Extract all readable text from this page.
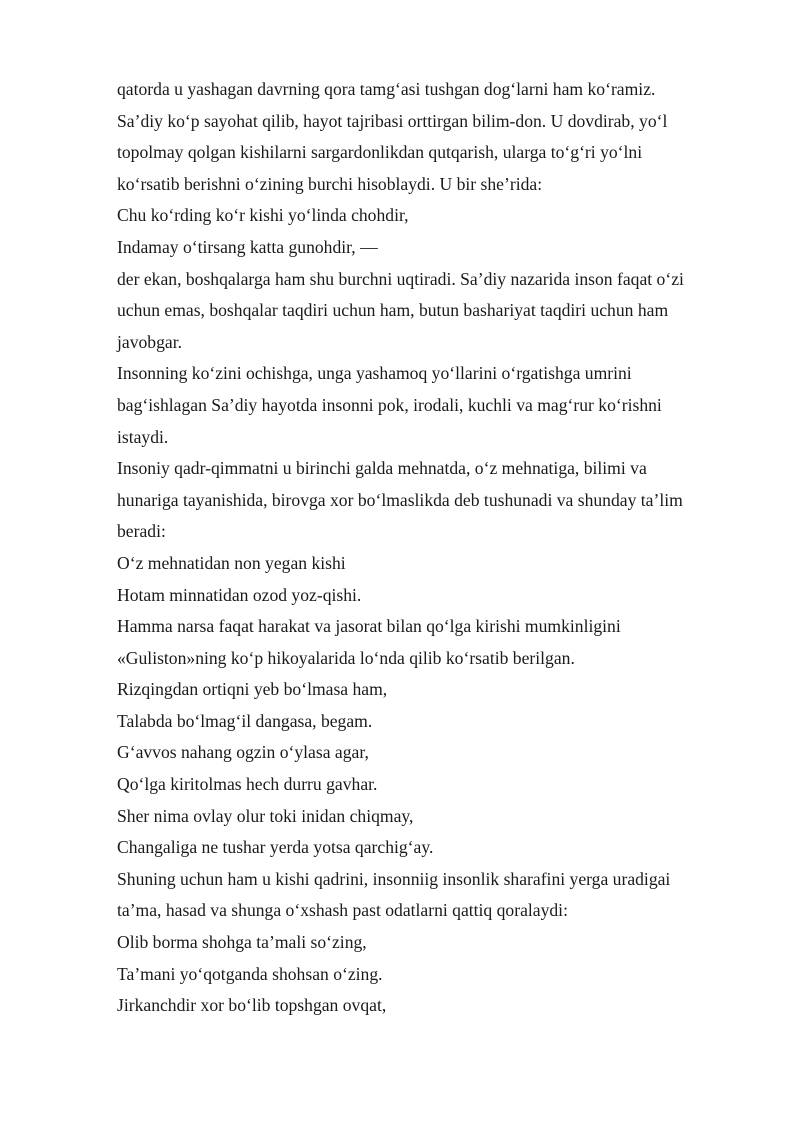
qatorda u yashagan davrning qora tamg‘asi tushgan dog‘larni ham ko‘ramiz.
Sa’diy ko‘p sayohat qilib, hayot tajribasi orttirgan bilim-don. U dovdirab, yo‘l
topolmay qolgan kishilarni sargardonlikdan qutqarish, ularga to‘g‘ri yo‘lni
ko‘rsatib berishni o‘zining burchi hisoblaydi. U bir she’rida:
Chu ko‘rding ko‘r kishi yo‘linda chohdir,
Indamay o‘tirsang katta gunohdir, —
der ekan, boshqalarga ham shu burchni uqtiradi. Sa’diy nazarida inson faqat o‘zi
uchun emas, boshqalar taqdiri uchun ham, butun bashariyat taqdiri uchun ham
javobgar.
Insonning ko‘zini ochishga, unga yashamoq yo‘llarini o‘rgatishga umrini
bag‘ishlagan Sa’diy hayotda insonni pok, irodali, kuchli va mag‘rur ko‘rishni
istaydi.
Insoniy qadr-qimmatni u birinchi galda mehnatda, o‘z mehnatiga, bilimi va
hunariga tayanishida, birovga xor bo‘lmaslikda deb tushunadi va shunday ta’lim
beradi:
O‘z mehnatidan non yegan kishi
Hotam minnatidan ozod yoz-qishi.
Hamma narsa faqat harakat va jasorat bilan qo‘lga kirishi mumkinligini
«Guliston»ning ko‘p hikoyalarida lo‘nda qilib ko‘rsatib berilgan.
Rizqingdan ortiqni yeb bo‘lmasa ham,
Talabda bo‘lmag‘il dangasa, begam.
G‘avvos nahang ogzin o‘ylasa agar,
Qo‘lga kiritolmas hech durru gavhar.
Sher nima ovlay olur toki inidan chiqmay,
Changaliga ne tushar yerda yotsa qarchig‘ay.
Shuning uchun ham u kishi qadrini, insonniig insonlik sharafini yerga uradigai
ta’ma, hasad va shunga o‘xshash past odatlarni qattiq qoralaydi:
Olib borma shohga ta’mali so‘zing,
Ta’mani yo‘qotganda shohsan o‘zing.
Jirkanchdir xor bo‘lib topshgan ovqat,
